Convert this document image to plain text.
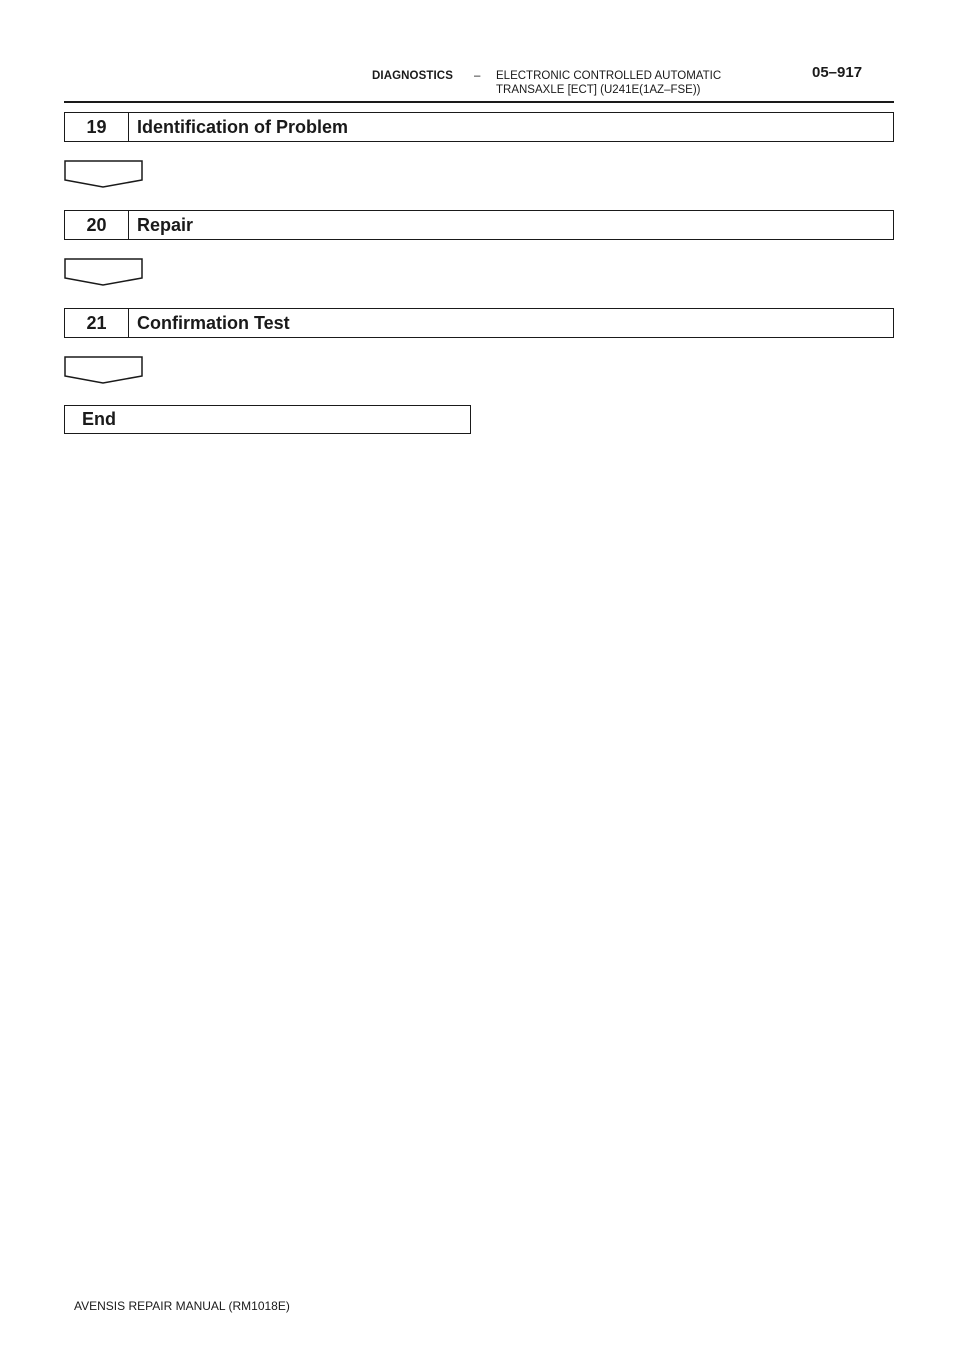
DIAGNOSTICS – ELECTRONIC CONTROLLED AUTOMATIC
TRANSAXLE [ECT] (U241E(1AZ–FSE))
05–917
19	Identification of Problem
20	Repair
21	Confirmation Test
End
AVENSIS REPAIR MANUAL (RM1018E)
